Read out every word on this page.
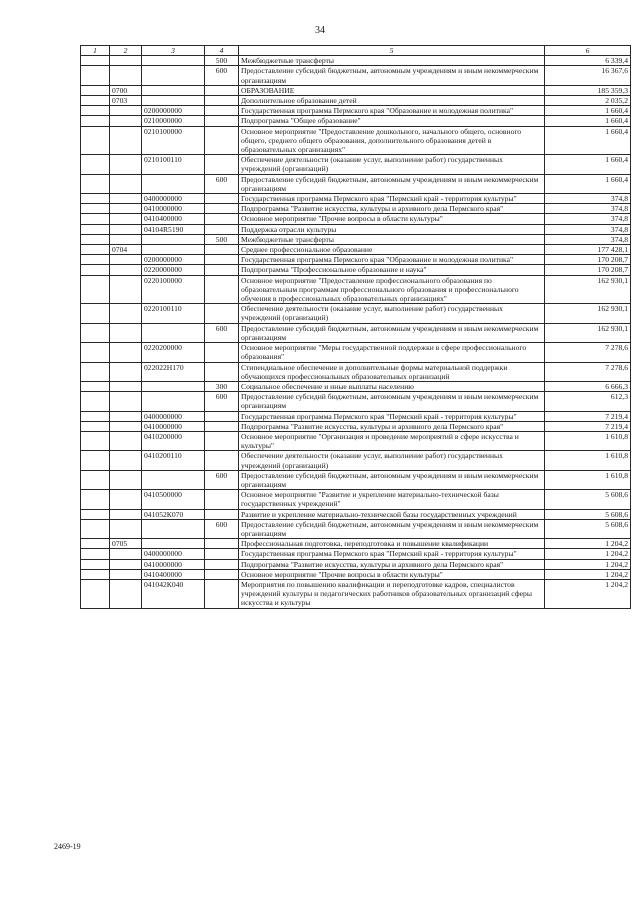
34
1	2	3	4	5	6
			500	Межбюджетные трансферты	6 339,4
			600	Предоставление субсидий бюджетным, автономным учреждениям и иным некоммерческим организациям	16 367,6
	0700			ОБРАЗОВАНИЕ	185 359,3
	0703			Дополнительное образование детей	2 035,2
		0200000000		Государственная программа Пермского края "Образование и молодежная политика"	1 660,4
		0210000000		Подпрограмма "Общее образование"	1 660,4
		0210100000		Основное мероприятие "Предоставление дошкольного, начального общего, основного общего, среднего общего образования, дополнительного образования детей в образовательных организациях"	1 660,4
		0210100110		Обеспечение деятельности (оказание услуг, выполнение работ) государственных учреждений (организаций)	1 660,4
			600	Предоставление субсидий бюджетным, автономным учреждениям и иным некоммерческим организациям	1 660,4
		0400000000		Государственная программа Пермского края "Пермский край - территория культуры"	374,8
		0410000000		Подпрограмма "Развитие искусства, культуры и архивного дела Пермского края"	374,8
		0410400000		Основное мероприятие "Прочие вопросы в области культуры"	374,8
		04104R5190		Поддержка отрасли культуры	374,8
			500	Межбюджетные трансферты	374,8
	0704			Среднее профессиональное образование	177 428,1
		0200000000		Государственная программа Пермского края "Образование и молодежная политика"	170 208,7
		0220000000		Подпрограмма "Профессиональное образование и наука"	170 208,7
		0220100000		Основное мероприятие "Предоставление профессионального образования по образовательным программам профессионального образования и профессионального обучения в профессиональных образовательных организациях"	162 930,1
		0220100110		Обеспечение деятельности (оказание услуг, выполнение работ) государственных учреждений (организаций)	162 930,1
			600	Предоставление субсидий бюджетным, автономным учреждениям и иным некоммерческим организациям	162 930,1
		0220200000		Основное мероприятие "Меры государственной поддержки в сфере профессионального образования"	7 278,6
		022022Н170		Стипендиальное обеспечение и дополнительные формы материальной поддержки обучающихся профессиональных образовательных организаций	7 278,6
			300	Социальное обеспечение и иные выплаты населению	6 666,3
			600	Предоставление субсидий бюджетным, автономным учреждениям и иным некоммерческим организациям	612,3
		0400000000		Государственная программа Пермского края "Пермский край - территория культуры"	7 219,4
		0410000000		Подпрограмма "Развитие искусства, культуры и архивного дела Пермского края"	7 219,4
		0410200000		Основное мероприятие "Организация и проведение мероприятий в сфере искусства и культуры"	1 610,8
		0410200110		Обеспечение деятельности (оказание услуг, выполнение работ) государственных учреждений (организаций)	1 610,8
			600	Предоставление субсидий бюджетным, автономным учреждениям и иным некоммерческим организациям	1 610,8
		0410500000		Основное мероприятие "Развитие и укрепление материально-технической базы государственных учреждений"	5 608,6
		041052К070		Развитие и укрепление материально-технической базы государственных учреждений	5 608,6
			600	Предоставление субсидий бюджетным, автономным учреждениям и иным некоммерческим организациям	5 608,6
	0705			Профессиональная подготовка, переподготовка и повышение квалификации	1 204,2
		0400000000		Государственная программа Пермского края "Пермский край - территория культуры"	1 204,2
		0410000000		Подпрограмма "Развитие искусства, культуры и архивного дела Пермского края"	1 204,2
		0410400000		Основное мероприятие "Прочие вопросы в области культуры"	1 204,2
		041042К040		Мероприятия по повышению квалификации и переподготовке кадров, специалистов учреждений культуры и педагогических работников образовательных организаций сферы искусства и культуры	1 204,2
2469-19
